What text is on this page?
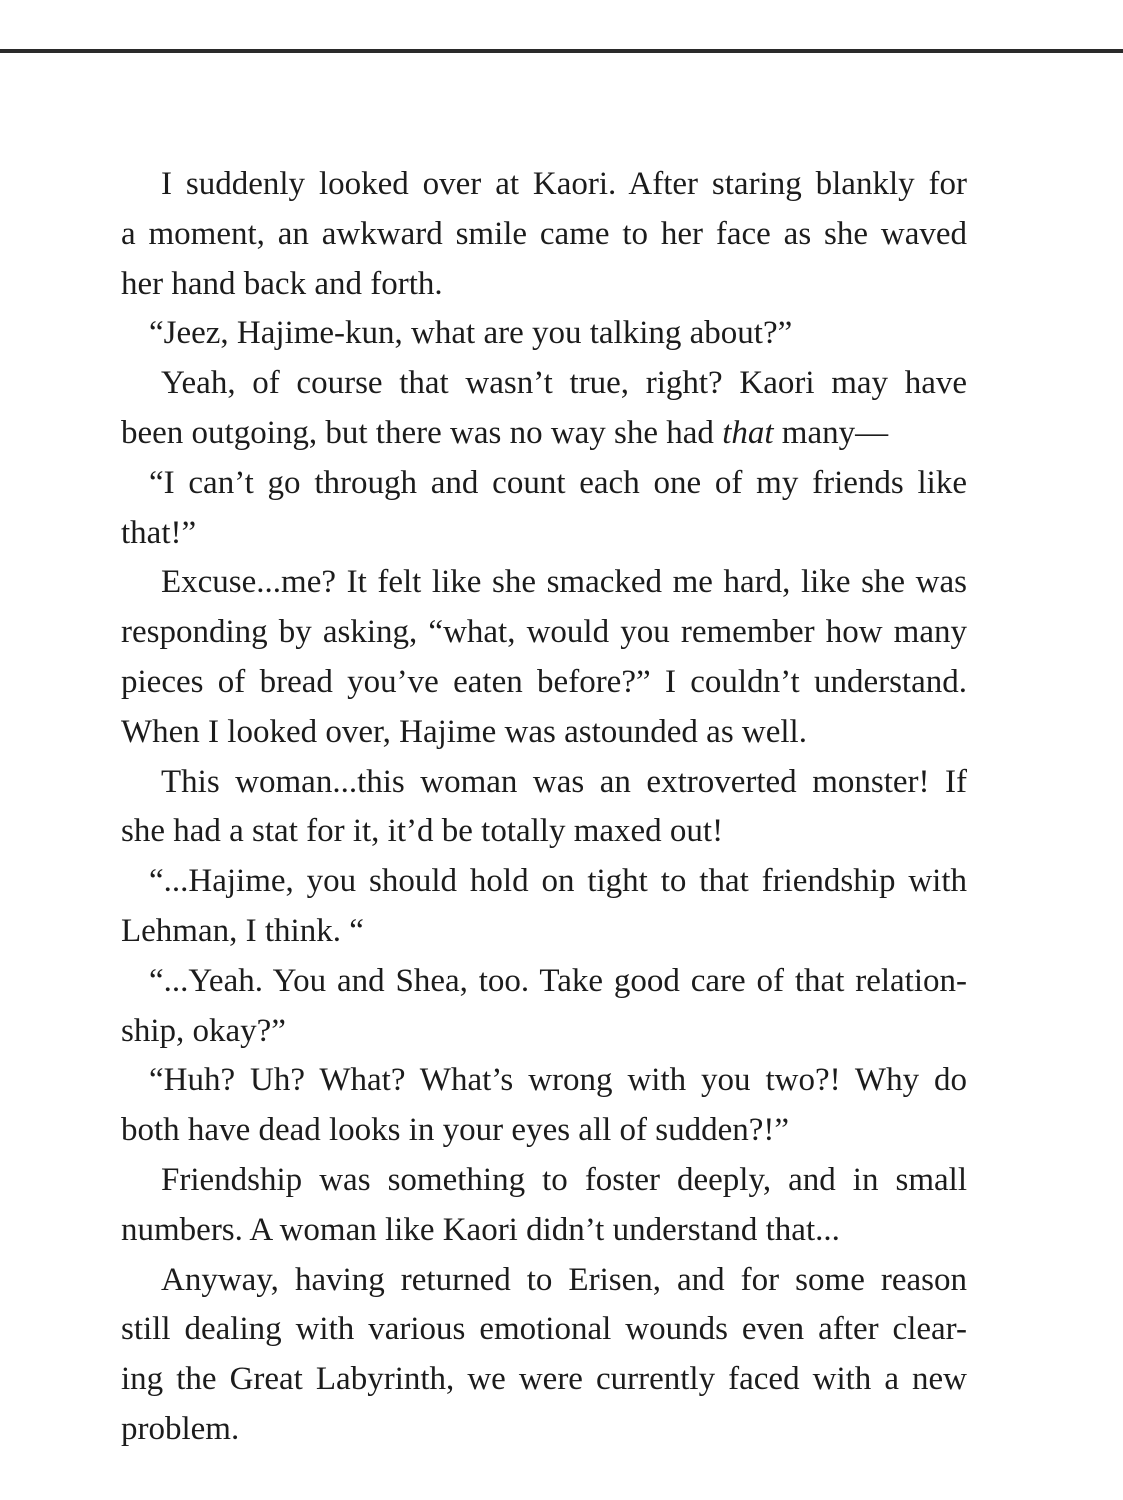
I suddenly looked over at Kaori. After staring blankly for
a moment, an awkward smile came to her face as she waved
her hand back and forth.
“Jeez, Hajime-kun, what are you talking about?”
Yeah, of course that wasn’t true, right? Kaori may have
been outgoing, but there was no way she had that many—
“I can’t go through and count each one of my friends like
that!”
Excuse...me? It felt like she smacked me hard, like she was
responding by asking, “what, would you remember how many
pieces of bread you’ve eaten before?” I couldn’t understand.
When I looked over, Hajime was astounded as well.
This woman...this woman was an extroverted monster! If
she had a stat for it, it’d be totally maxed out!
“...Hajime, you should hold on tight to that friendship with
Lehman, I think. “
“...Yeah. You and Shea, too. Take good care of that relation-
ship, okay?”
“Huh? Uh? What? What’s wrong with you two?! Why do
both have dead looks in your eyes all of sudden?!”
Friendship was something to foster deeply, and in small
numbers. A woman like Kaori didn’t understand that...
Anyway, having returned to Erisen, and for some reason
still dealing with various emotional wounds even after clear-
ing the Great Labyrinth, we were currently faced with a new
problem.
